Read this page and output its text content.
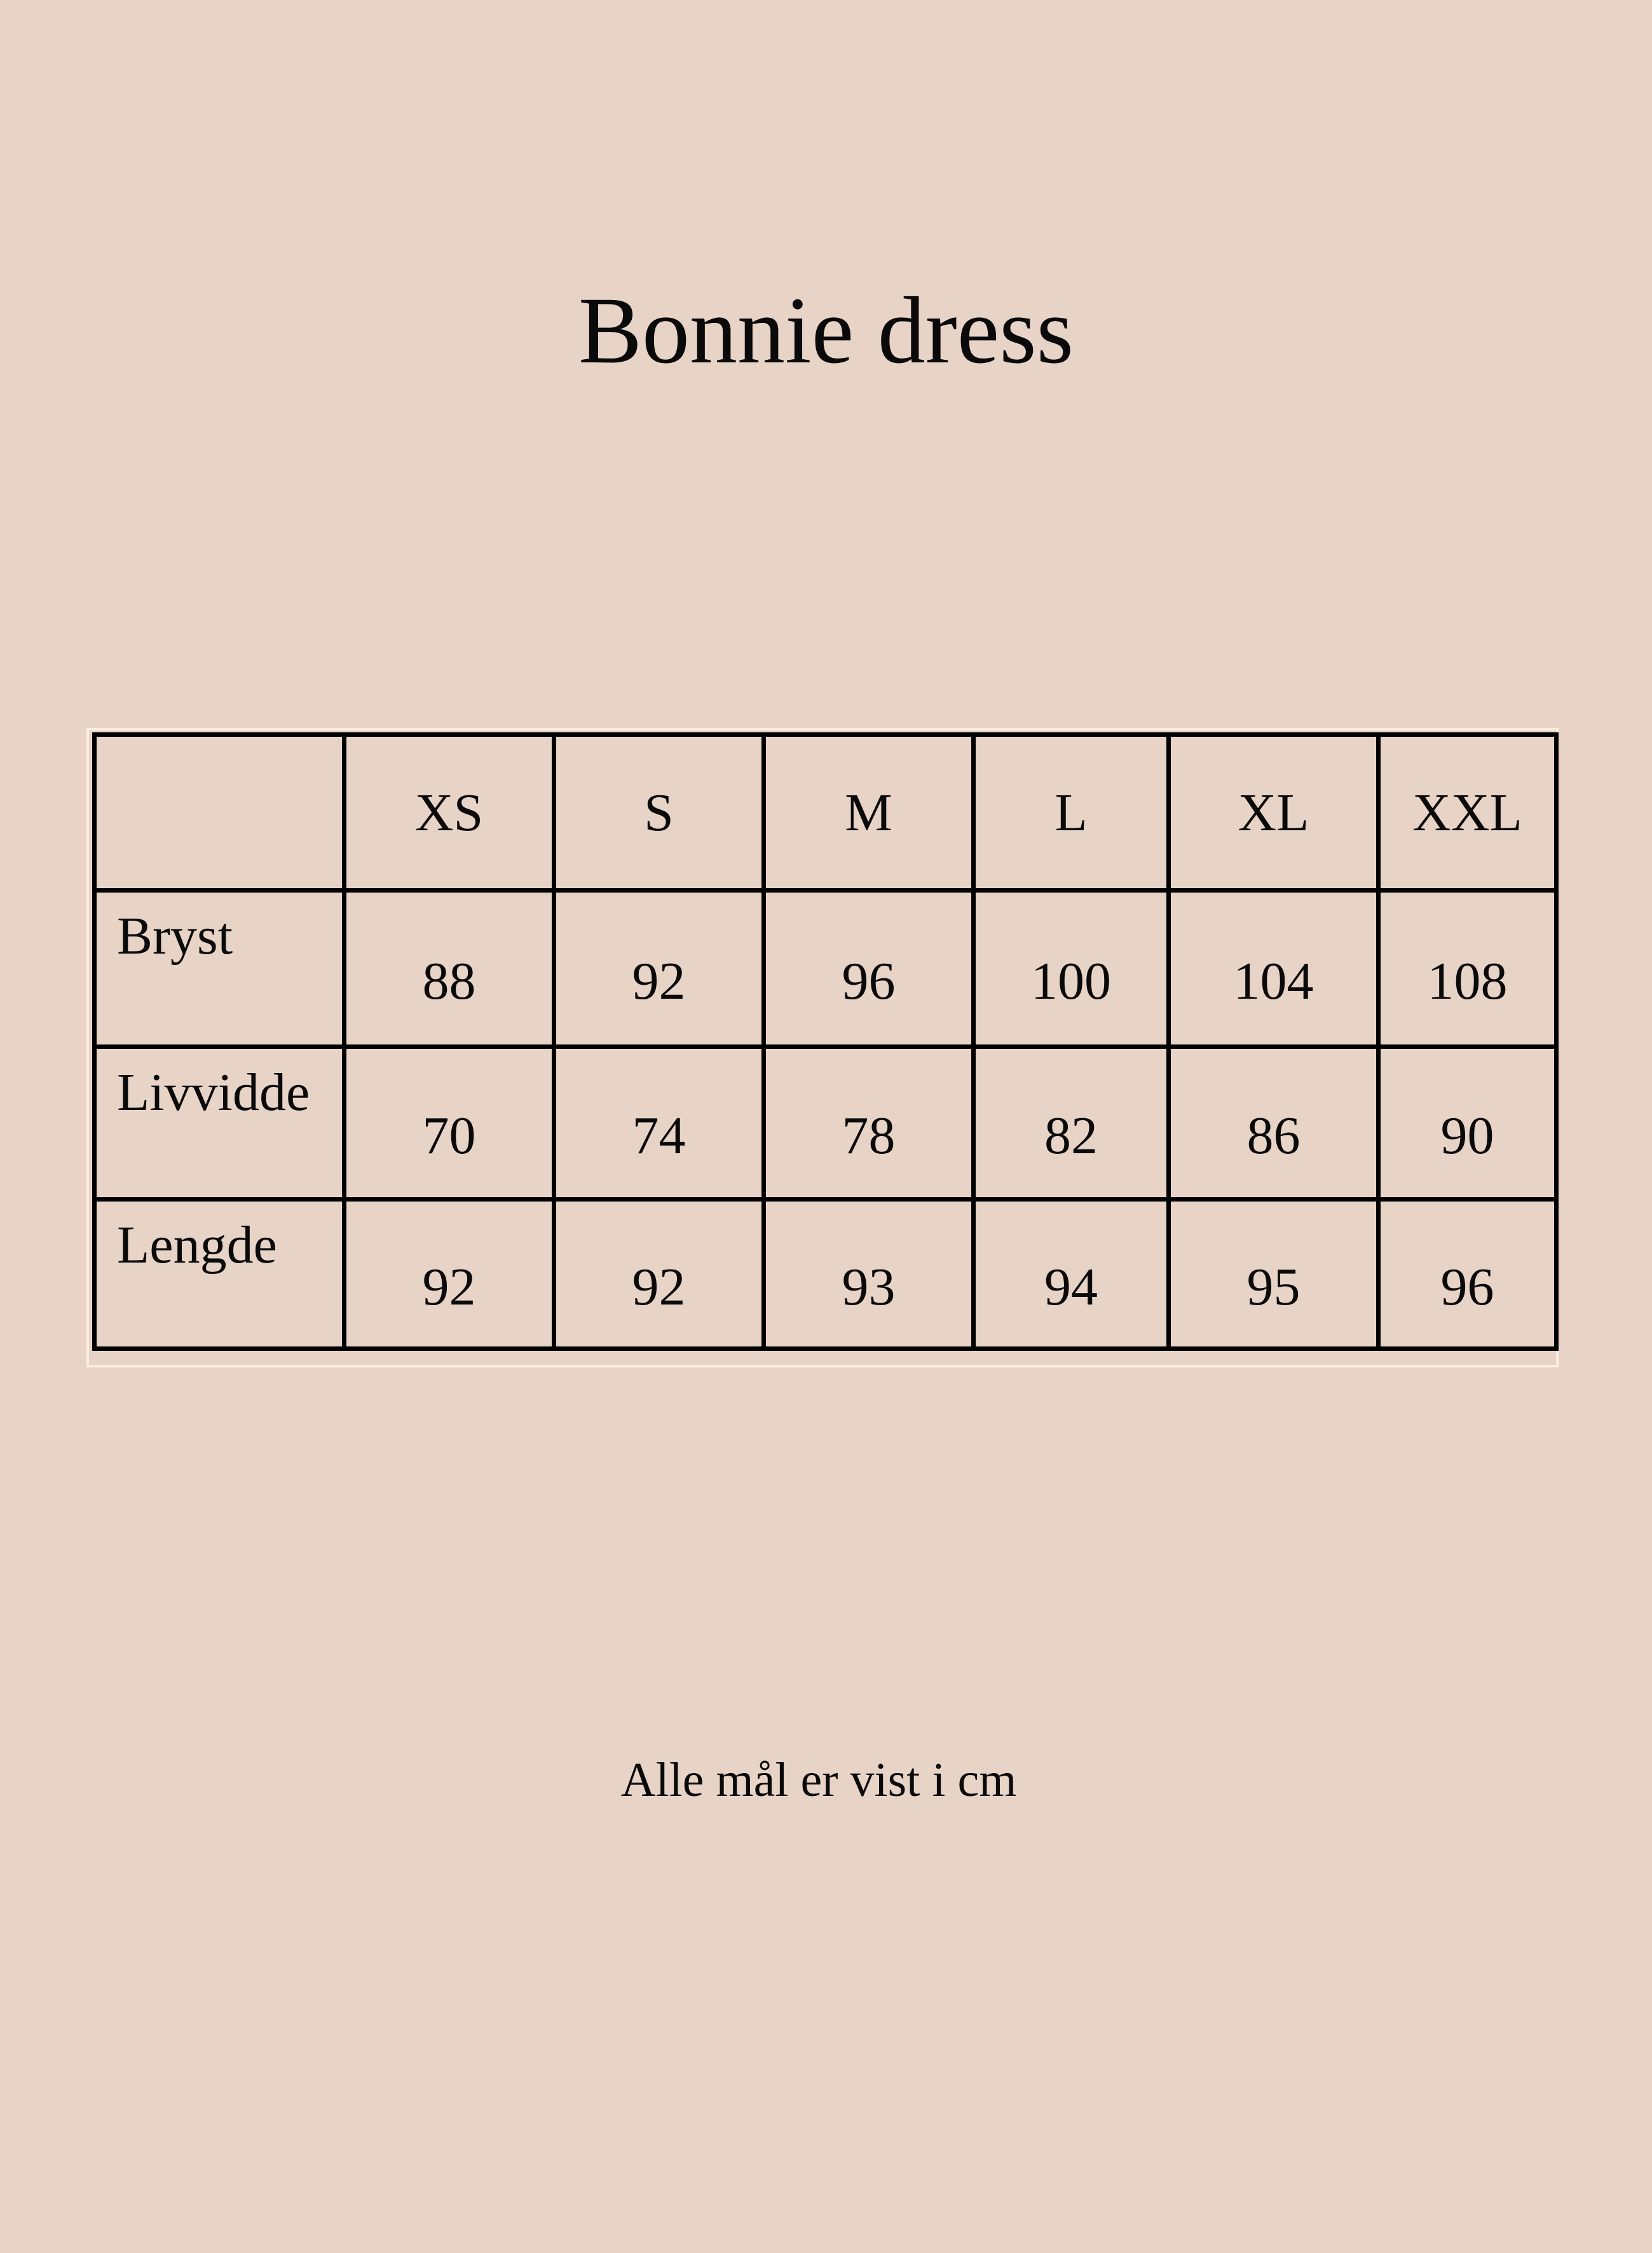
Bonnie dress
	XS	S	M	L	XL	XXL
Bryst	88	92	96	100	104	108
Livvidde	70	74	78	82	86	90
Lengde	92	92	93	94	95	96
Alle mål er vist i cm
